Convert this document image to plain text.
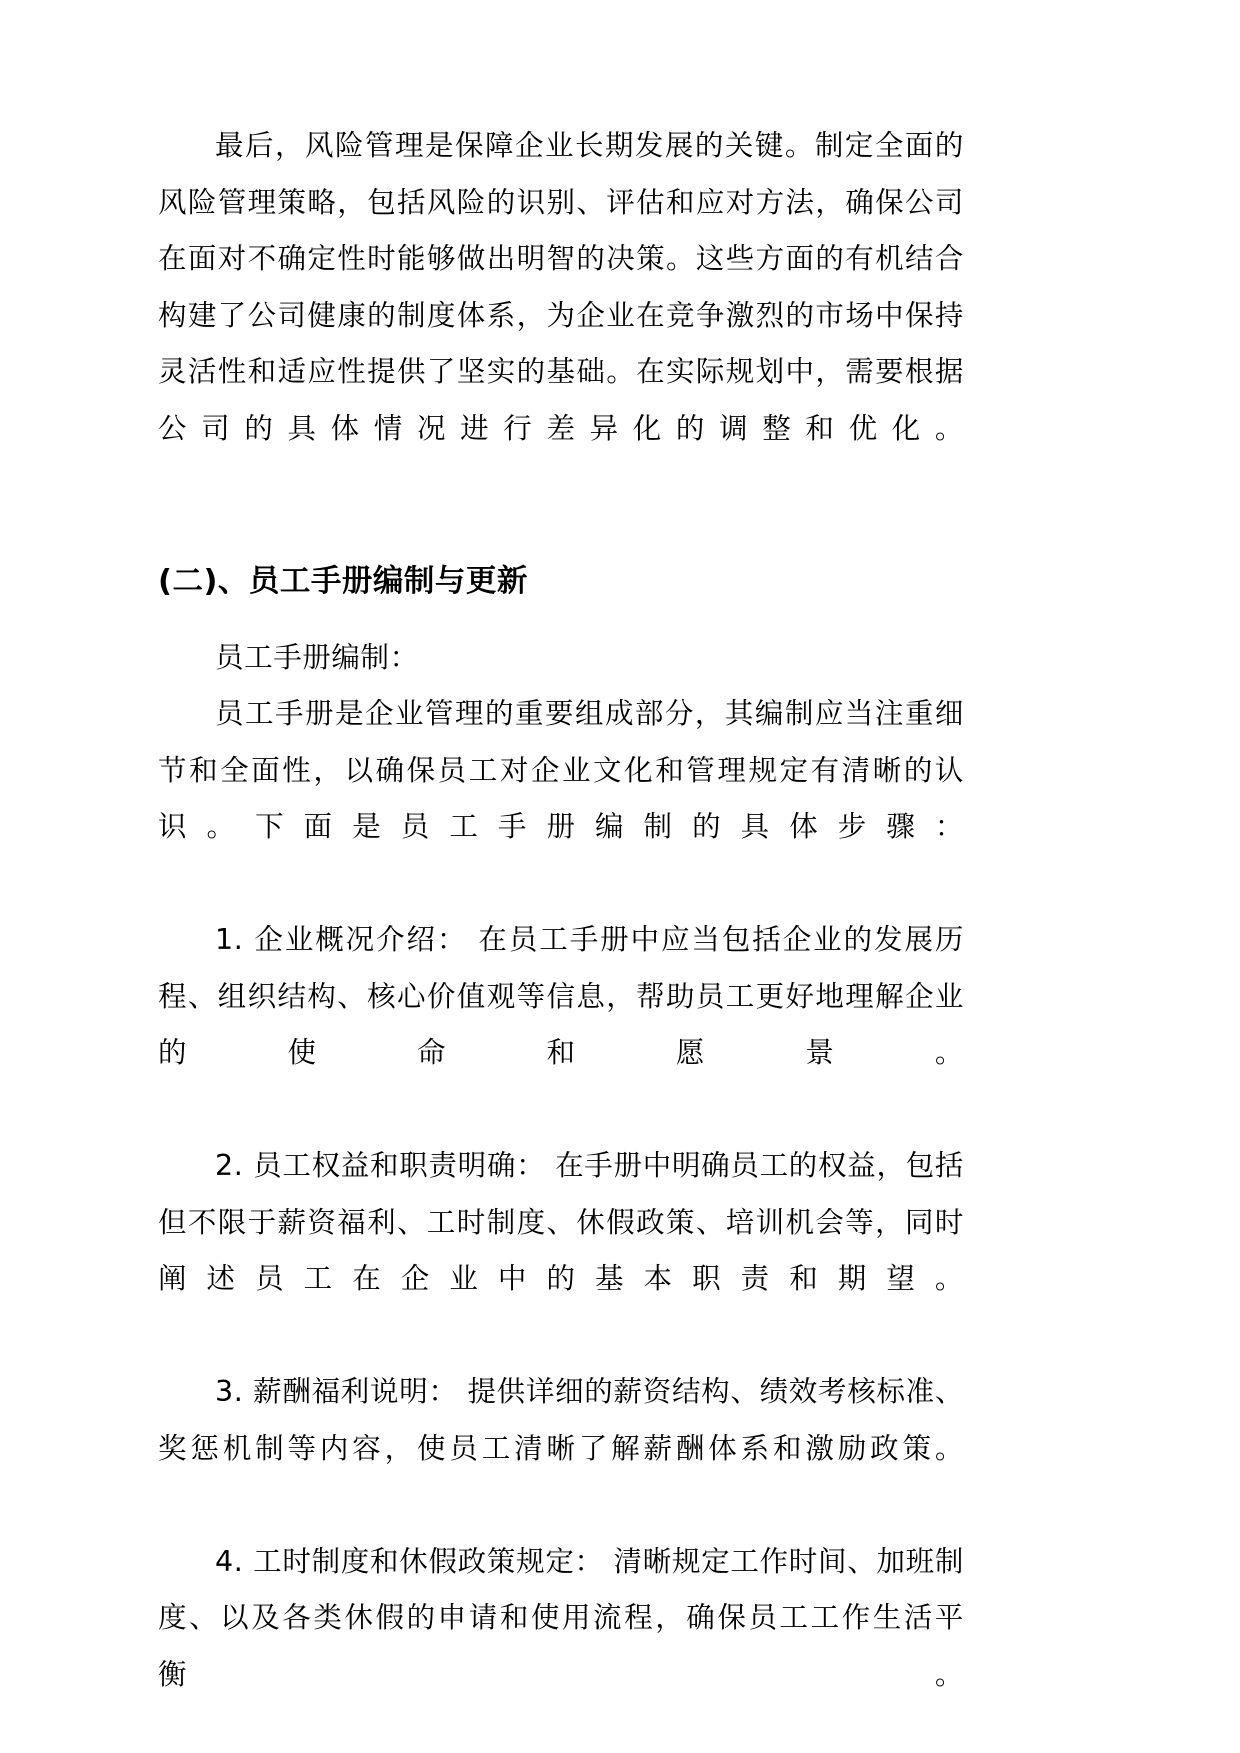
最后，风险管理是保障企业长期发展的关键。制定全面的风险管理策略，包括风险的识别、评估和应对方法，确保公司在面对不确定性时能够做出明智的决策。这些方面的有机结合构建了公司健康的制度体系，为企业在竞争激烈的市场中保持灵活性和适应性提供了坚实的基础。在实际规划中，需要根据公司的具体情况进行差异化的调整和优化。

(二)、员工手册编制与更新

员工手册编制：

员工手册是企业管理的重要组成部分，其编制应当注重细节和全面性，以确保员工对企业文化和管理规定有清晰的认识。下面是员工手册编制的具体步骤：

1. 企业概况介绍： 在员工手册中应当包括企业的发展历程、组织结构、核心价值观等信息，帮助员工更好地理解企业的使命和愿景。

2. 员工权益和职责明确： 在手册中明确员工的权益，包括但不限于薪资福利、工时制度、休假政策、培训机会等，同时阐述员工在企业中的基本职责和期望。

3. 薪酬福利说明： 提供详细的薪资结构、绩效考核标准、奖惩机制等内容，使员工清晰了解薪酬体系和激励政策。

4. 工时制度和休假政策规定： 清晰规定工作时间、加班制度、以及各类休假的申请和使用流程，确保员工工作生活平衡。
